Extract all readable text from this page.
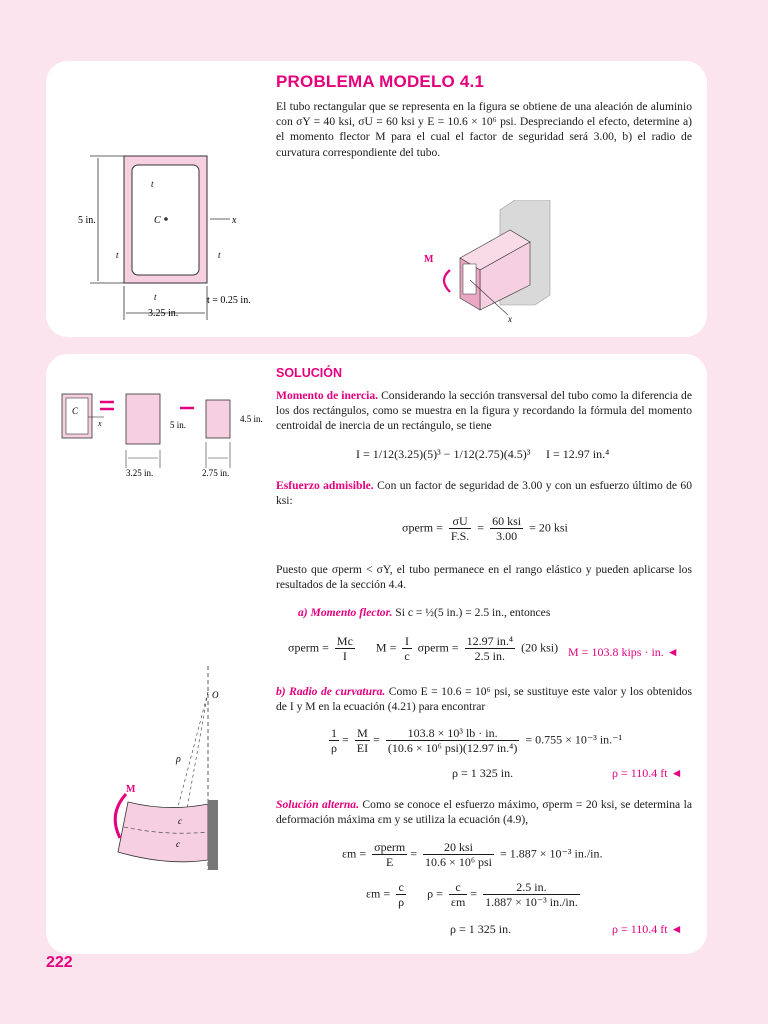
PROBLEMA MODELO 4.1
El tubo rectangular que se representa en la figura se obtiene de una aleación de aluminio con σY = 40 ksi, σU = 60 ksi y E = 10.6 × 10⁶ psi. Despreciando el efecto, determine a) el momento flector M para el cual el factor de seguridad será 3.00, b) el radio de curvatura correspondiente del tubo.
5 in.
3.25 in.
t = 0.25 in.
C	x
t
t	t
t
M
x
SOLUCIÓN
Momento de inercia. Considerando la sección transversal del tubo como la diferencia de los dos rectángulos, como se muestra en la figura y recordando la fórmula del momento centroidal de inercia de un rectángulo, se tiene
I = 1/12(3.25)(5)³ − 1/12(2.75)(4.5)³ I = 12.97 in.⁴
C
x	5 in.
4.5 in.
3.25 in.	2.75 in.
Esfuerzo admisible. Con un factor de seguridad de 3.00 y con un esfuerzo último de 60 ksi:
σperm = $\frac{\sigma U}{F.S.} = \frac{\text{60 ksi}}{3.00} = 20$ ksi
Puesto que σperm < σY, el tubo permanece en el rango elástico y pueden aplicarse los resultados de la sección 4.4.
a) Momento flector. Si c = ½(5 in.) = 2.5 in., entonces
σperm = $\frac{Mc}{I}$ $M = \frac{I}{c}$ σperm = $\frac{\text{12.97 in.⁴}}{2.5 in.} (20$ ksi) M = 103.8 kips · in. ◄
b) Radio de curvatura. Como E = 10.6 = 10⁶ psi, se sustituye este valor y los obtenidos de I y M en la ecuación (4.21) para encontrar
$\frac{1}{\rho} = \frac{M}{EI} = \frac{\text{103.8 × 10³ lb · in.}}{\text{(10.6 × 10⁶ psi)(12.97 in.⁴)}} = 0.755 \times 10^{-3}$ in.⁻¹
ρ = 1 325 in.	ρ = 110.4 ft ◄
O
ρ
M
c
c
Solución alterna. Como se conoce el esfuerzo máximo, σperm = 20 ksi, se determina la deformación máxima εm y se utiliza la ecuación (4.9),
$\varepsilon m = \frac{\text{σperm}}{E} = \frac{\text{20 ksi}}{\text{10.6 × 10⁶ psi}} = 1.887 \times 10^{-3}$ in./in.
$\varepsilon m = \frac{c}{\rho}$ $\rho = \frac{c}{\varepsilon m} = \frac{2.5 in.}{\text{1.887 × 10⁻³ in./in.}}$
ρ = 1 325 in.	ρ = 110.4 ft ◄
222
